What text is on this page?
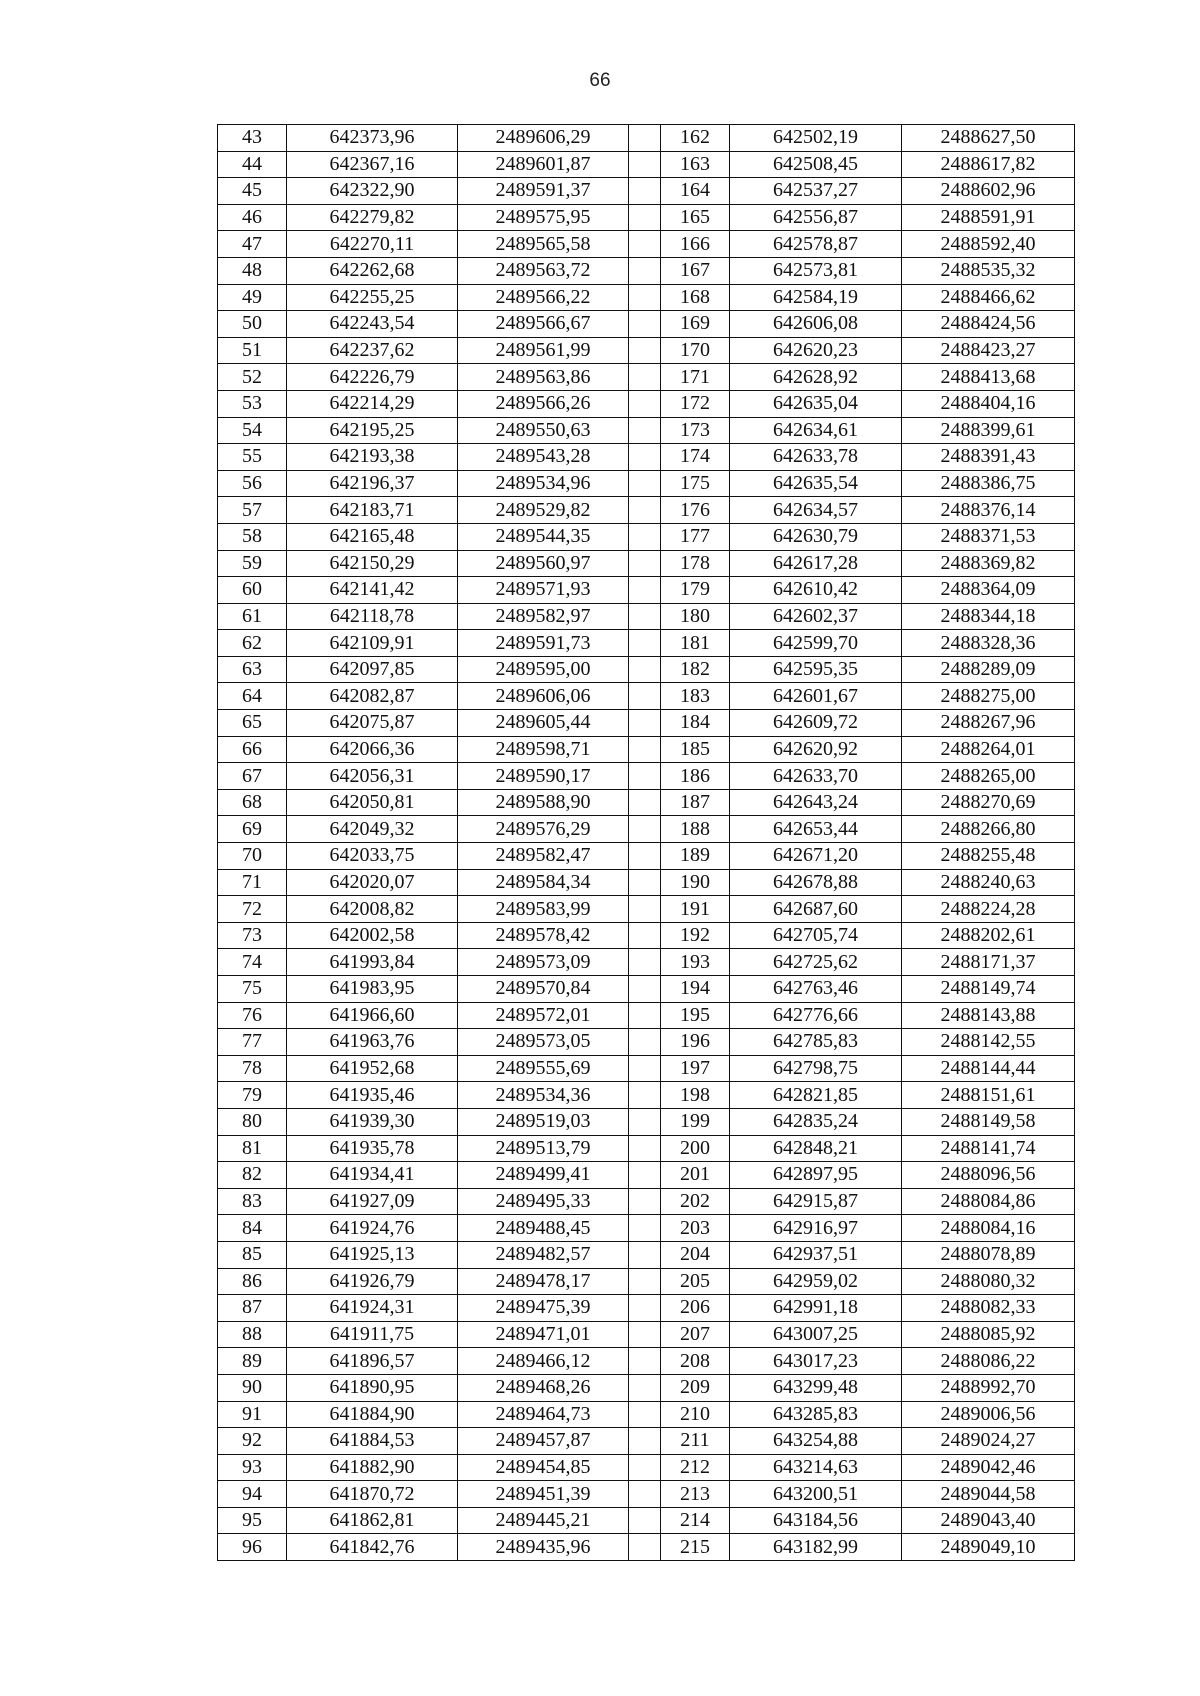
66
43	642373,96	2489606,29		162	642502,19	2488627,50
44	642367,16	2489601,87		163	642508,45	2488617,82
45	642322,90	2489591,37		164	642537,27	2488602,96
46	642279,82	2489575,95		165	642556,87	2488591,91
47	642270,11	2489565,58		166	642578,87	2488592,40
48	642262,68	2489563,72		167	642573,81	2488535,32
49	642255,25	2489566,22		168	642584,19	2488466,62
50	642243,54	2489566,67		169	642606,08	2488424,56
51	642237,62	2489561,99		170	642620,23	2488423,27
52	642226,79	2489563,86		171	642628,92	2488413,68
53	642214,29	2489566,26		172	642635,04	2488404,16
54	642195,25	2489550,63		173	642634,61	2488399,61
55	642193,38	2489543,28		174	642633,78	2488391,43
56	642196,37	2489534,96		175	642635,54	2488386,75
57	642183,71	2489529,82		176	642634,57	2488376,14
58	642165,48	2489544,35		177	642630,79	2488371,53
59	642150,29	2489560,97		178	642617,28	2488369,82
60	642141,42	2489571,93		179	642610,42	2488364,09
61	642118,78	2489582,97		180	642602,37	2488344,18
62	642109,91	2489591,73		181	642599,70	2488328,36
63	642097,85	2489595,00		182	642595,35	2488289,09
64	642082,87	2489606,06		183	642601,67	2488275,00
65	642075,87	2489605,44		184	642609,72	2488267,96
66	642066,36	2489598,71		185	642620,92	2488264,01
67	642056,31	2489590,17		186	642633,70	2488265,00
68	642050,81	2489588,90		187	642643,24	2488270,69
69	642049,32	2489576,29		188	642653,44	2488266,80
70	642033,75	2489582,47		189	642671,20	2488255,48
71	642020,07	2489584,34		190	642678,88	2488240,63
72	642008,82	2489583,99		191	642687,60	2488224,28
73	642002,58	2489578,42		192	642705,74	2488202,61
74	641993,84	2489573,09		193	642725,62	2488171,37
75	641983,95	2489570,84		194	642763,46	2488149,74
76	641966,60	2489572,01		195	642776,66	2488143,88
77	641963,76	2489573,05		196	642785,83	2488142,55
78	641952,68	2489555,69		197	642798,75	2488144,44
79	641935,46	2489534,36		198	642821,85	2488151,61
80	641939,30	2489519,03		199	642835,24	2488149,58
81	641935,78	2489513,79		200	642848,21	2488141,74
82	641934,41	2489499,41		201	642897,95	2488096,56
83	641927,09	2489495,33		202	642915,87	2488084,86
84	641924,76	2489488,45		203	642916,97	2488084,16
85	641925,13	2489482,57		204	642937,51	2488078,89
86	641926,79	2489478,17		205	642959,02	2488080,32
87	641924,31	2489475,39		206	642991,18	2488082,33
88	641911,75	2489471,01		207	643007,25	2488085,92
89	641896,57	2489466,12		208	643017,23	2488086,22
90	641890,95	2489468,26		209	643299,48	2488992,70
91	641884,90	2489464,73		210	643285,83	2489006,56
92	641884,53	2489457,87		211	643254,88	2489024,27
93	641882,90	2489454,85		212	643214,63	2489042,46
94	641870,72	2489451,39		213	643200,51	2489044,58
95	641862,81	2489445,21		214	643184,56	2489043,40
96	641842,76	2489435,96		215	643182,99	2489049,10
